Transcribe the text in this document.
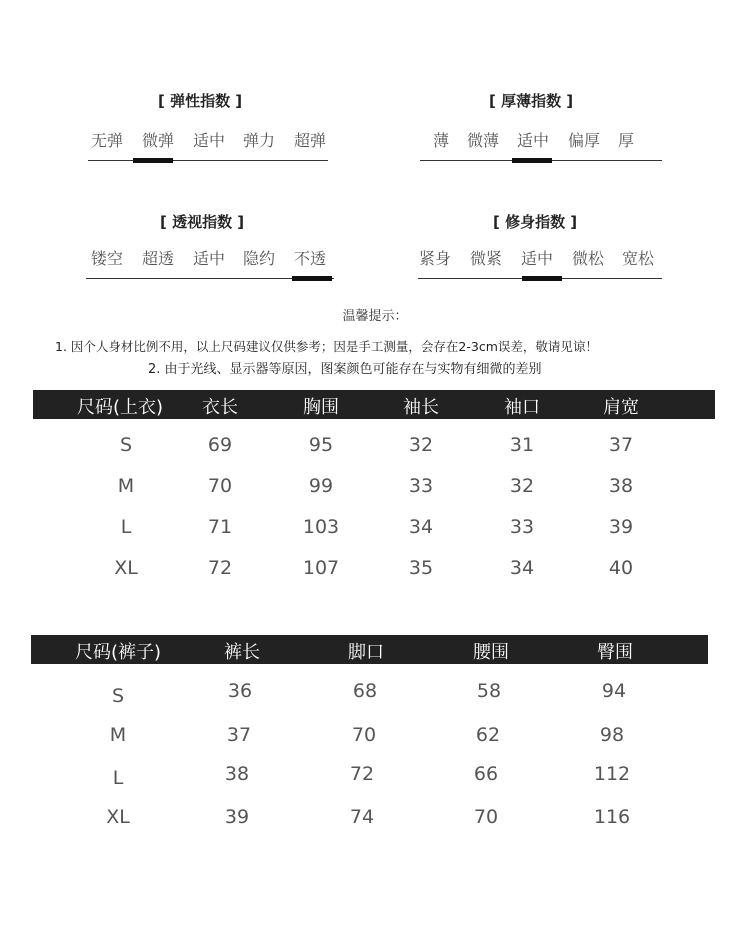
[ 弹性指数 ]
无弹 微弹 适中 弹力 超弹
[ 厚薄指数 ]
薄 微薄 适中 偏厚 厚
[ 透视指数 ]
镂空 超透 适中 隐约 不透
[ 修身指数 ]
紧身 微紧 适中 微松 宽松
温馨提示：
1. 因个人身材比例不用，以上尺码建议仅供参考；因是手工测量，会存在2-3cm误差，敬请见谅！
2. 由于光线、显示器等原因，图案颜色可能存在与实物有细微的差别
尺码(上衣) 衣长	胸围	袖长	袖口	肩宽
S	69	95	32	31	37
M	70	99	33	32	38
L	71	103	34	33	39
XL	72	107	35	34	40
尺码(裤子)	裤长	脚口	腰围	臀围
S	36	68	58	94
M	37	70	62	98
L	38	72	66	112
XL	39	74	70	116
